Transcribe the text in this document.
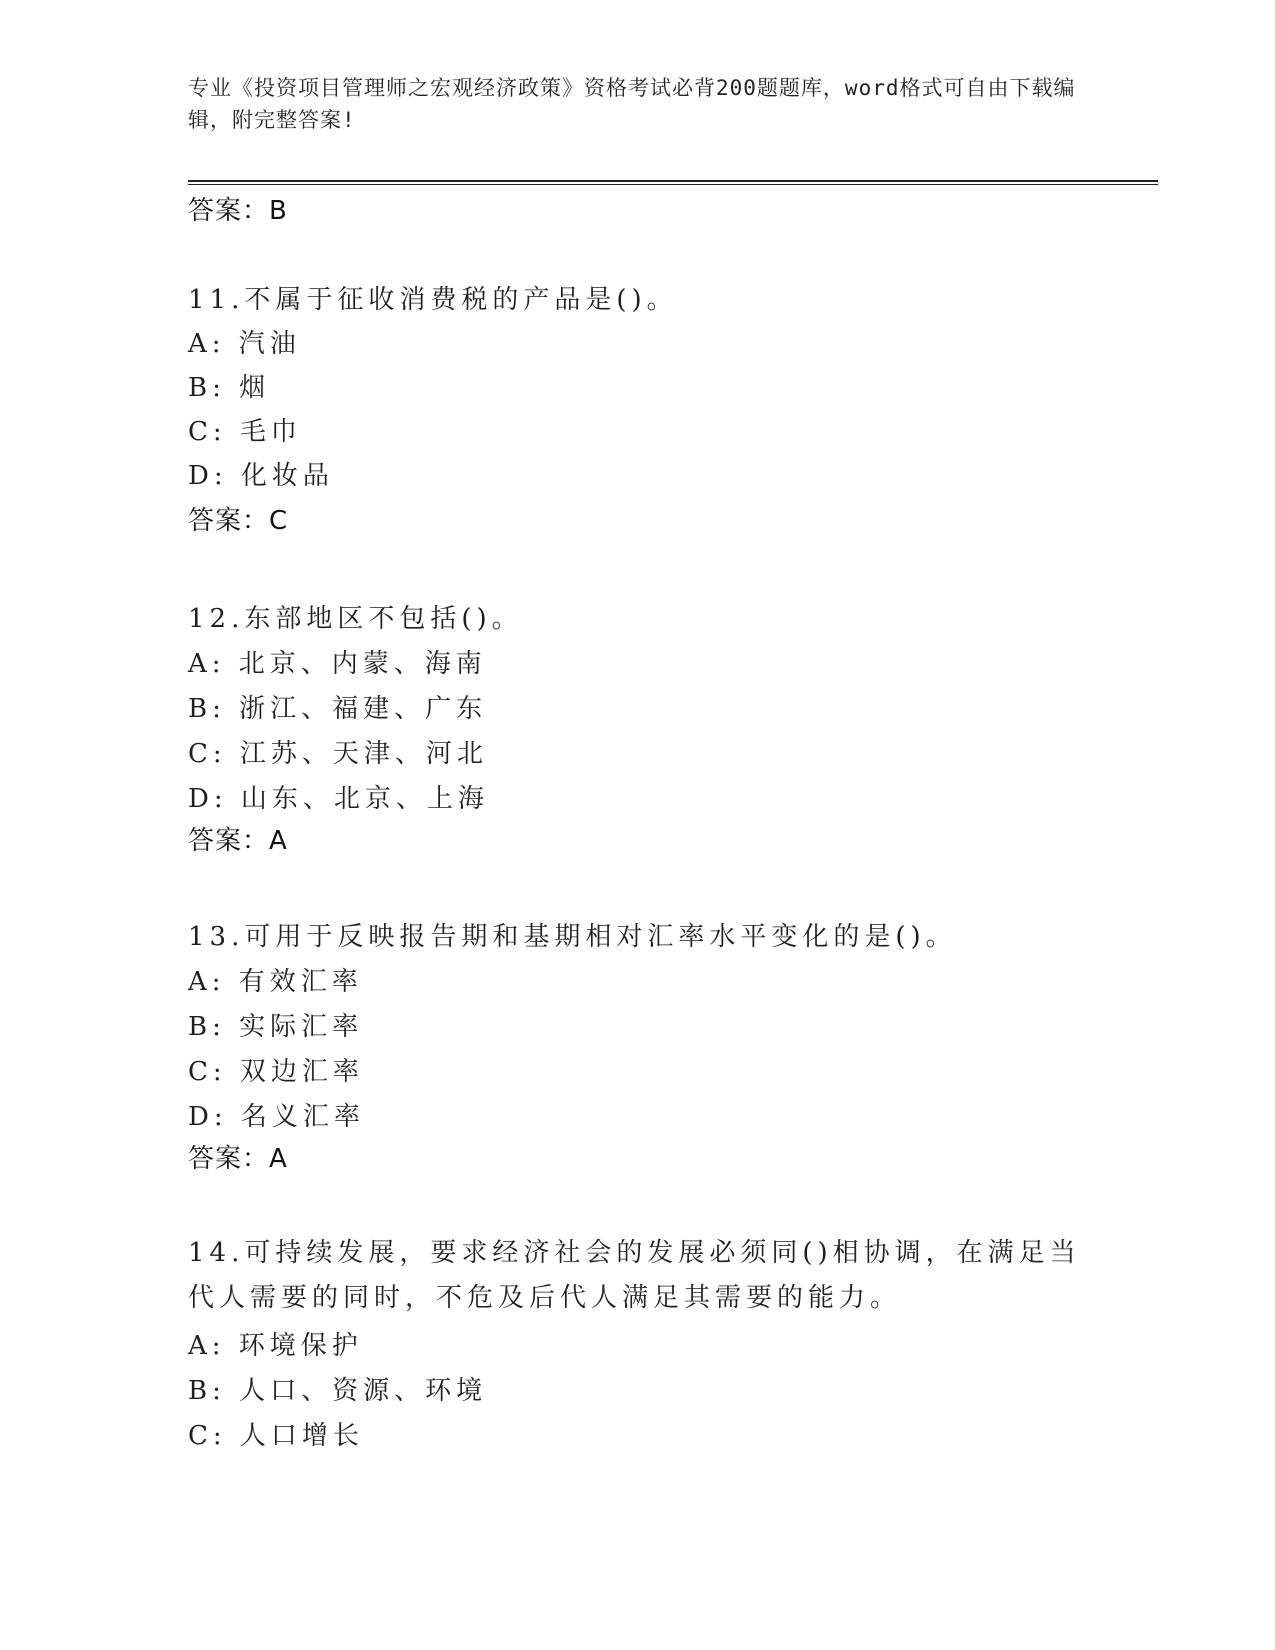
专业《投资项目管理师之宏观经济政策》资格考试必背200题题库，word格式可自由下载编辑，附完整答案!
答案：B
11.不属于征收消费税的产品是()。
A: 汽油
B: 烟
C: 毛巾
D: 化妆品
答案：C
12.东部地区不包括()。
A: 北京、内蒙、海南
B: 浙江、福建、广东
C: 江苏、天津、河北
D: 山东、北京、上海
答案：A
13.可用于反映报告期和基期相对汇率水平变化的是()。
A: 有效汇率
B: 实际汇率
C: 双边汇率
D: 名义汇率
答案：A
14.可持续发展，要求经济社会的发展必须同()相协调，在满足当代人需要的同时，不危及后代人满足其需要的能力。
A: 环境保护
B: 人口、资源、环境
C: 人口增长
